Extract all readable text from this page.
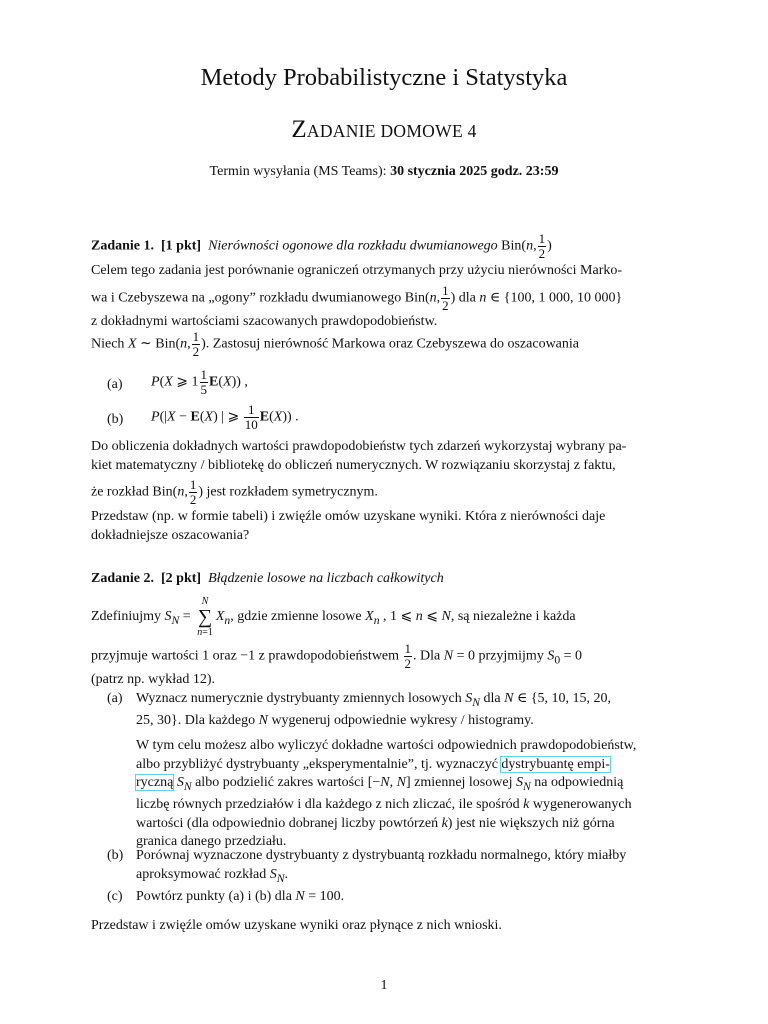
Metody Probabilistyczne i Statystyka
ZADANIE DOMOWE 4
Termin wysyłania (MS Teams): 30 stycznia 2025 godz. 23:59
Zadanie 1. [1 pkt] Nierówności ogonowe dla rozkładu dwumianowego Bin(n, $\frac{1}{2}$ )
Celem tego zadania jest porównanie ograniczeń otrzymanych przy użyciu nierówności Marko-
wa i Czebyszewa na „ogony” rozkładu dwumianowego Bin(n, $\frac{1}{2}$ ) dla n ∈ {100, 1 000, 10 000}
z dokładnymi wartościami szacowanych prawdopodobieństw.
Niech X ∼ Bin(n, $\frac{1}{2}$ ). Zastosuj nierówność Markowa oraz Czebyszewa do oszacowania
(a) P(X ⩾ $1 \frac{1}{5} E(X)$) ,
(b) P(|X − E(X) | ⩾ $\frac{1}{10} E(X)$) .
Do obliczenia dokładnych wartości prawdopodobieństw tych zdarzeń wykorzystaj wybrany pa-
kiet matematyczny / bibliotekę do obliczeń numerycznych. W rozwiązaniu skorzystaj z faktu,
że rozkład Bin(n, $\frac{1}{2}$ ) jest rozkładem symetrycznym.
Przedstaw (np. w formie tabeli) i zwięźle omów uzyskane wyniki. Która z nierówności daje
dokładniejsze oszacowania?
Zadanie 2. [2 pkt] Błądzenie losowe na liczbach całkowitych
Zdefiniujmy $S_N = N$
∑
$n=1X_n$, gdzie zmienne losowe $X_n$ , 1 ⩽ n ⩽ N, są niezależne i każda
przyjmuje wartości 1 oraz −1 z prawdopodobieństwem $\frac{1}{2}$ . Dla N = 0 przyjmijmy $S_0 = 0$
(patrz np. wykład 12).
(a) Wyznacz numerycznie dystrybuanty zmiennych losowych $S_N$ dla N ∈ {5, 10, 15, 20,
25, 30}. Dla każdego N wygeneruj odpowiednie wykresy / histogramy.
W tym celu możesz albo wyliczyć dokładne wartości odpowiednich prawdopodobieństw,
albo przybliżyć dystrybuanty „eksperymentalnie”, tj. wyznaczyć dystrybuantę empi-
ryczną $S_N$ albo podzielić zakres wartości [−N, N] zmiennej losowej $S_N$ na odpowiednią
liczbę równych przedziałów i dla każdego z nich zliczać, ile spośród k wygenerowanych
wartości (dla odpowiednio dobranej liczby powtórzeń k) jest nie większych niż górna
granica danego przedziału.
(b) Porównaj wyznaczone dystrybuanty z dystrybuantą rozkładu normalnego, który miałby
aproksymować rozkład $S_N$.
(c) Powtórz punkty (a) i (b) dla N = 100.
Przedstaw i zwięźle omów uzyskane wyniki oraz płynące z nich wnioski.
1
